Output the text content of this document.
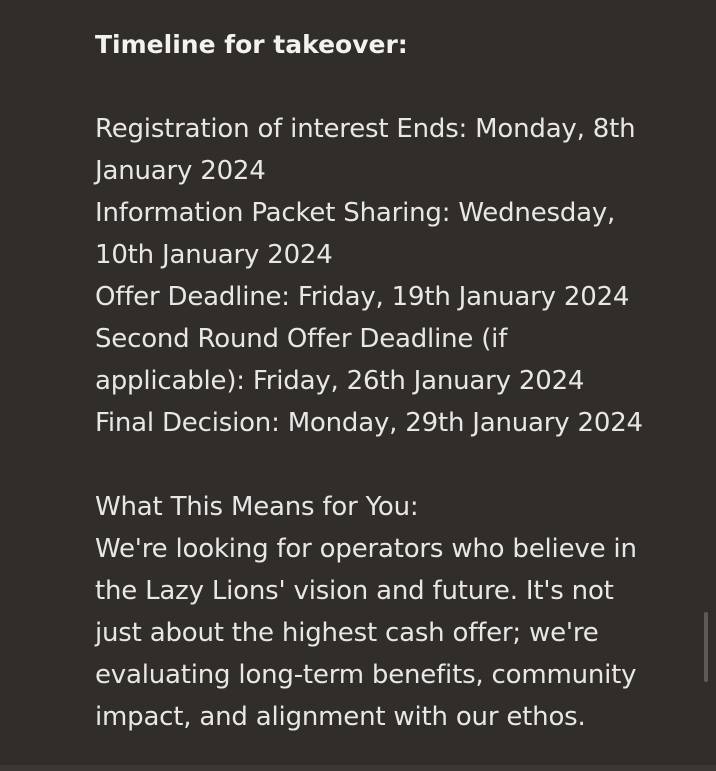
Timeline for takeover:

Registration of interest Ends: Monday, 8th

January 2024

Information Packet Sharing: Wednesday,

10th January 2024

Offer Deadline: Friday, 19th January 2024

Second Round Offer Deadline (if

applicable): Friday, 26th January 2024

Final Decision: Monday, 29th January 2024

What This Means for You:

We're looking for operators who believe in

the Lazy Lions' vision and future. It's not

just about the highest cash offer; we're

evaluating long-term benefits, community

impact, and alignment with our ethos.
